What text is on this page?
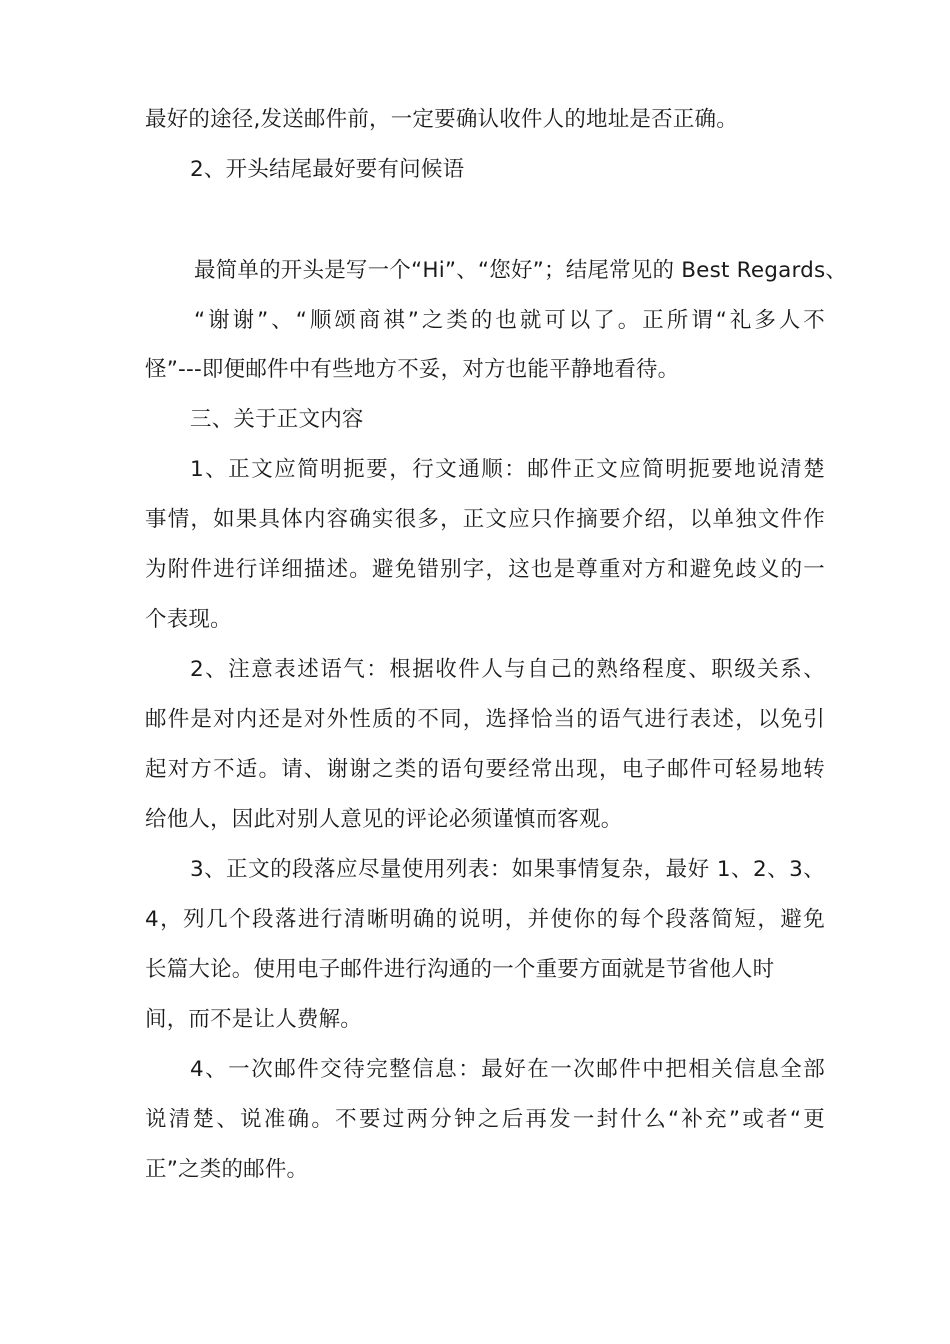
最好的途径,发送邮件前，一定要确认收件人的地址是否正确。
2、开头结尾最好要有问候语
最简单的开头是写一个“Hi”、“您好”；结尾常见的 Best Regards、
“谢谢”、“顺颂商祺”之类的也就可以了。正所谓“礼多人不
怪”---即便邮件中有些地方不妥，对方也能平静地看待。
三、关于正文内容
1、正文应简明扼要，行文通顺：邮件正文应简明扼要地说清楚
事情，如果具体内容确实很多，正文应只作摘要介绍，以单独文件作
为附件进行详细描述。避免错别字，这也是尊重对方和避免歧义的一
个表现。
2、注意表述语气：根据收件人与自己的熟络程度、职级关系、
邮件是对内还是对外性质的不同，选择恰当的语气进行表述，以免引
起对方不适。请、谢谢之类的语句要经常出现，电子邮件可轻易地转
给他人，因此对别人意见的评论必须谨慎而客观。
3、正文的段落应尽量使用列表：如果事情复杂，最好 1、2、3、
4，列几个段落进行清晰明确的说明，并使你的每个段落简短，避免
长篇大论。使用电子邮件进行沟通的一个重要方面就是节省他人时
间，而不是让人费解。
4、一次邮件交待完整信息：最好在一次邮件中把相关信息全部
说清楚、说准确。不要过两分钟之后再发一封什么“补充”或者“更
正”之类的邮件。
